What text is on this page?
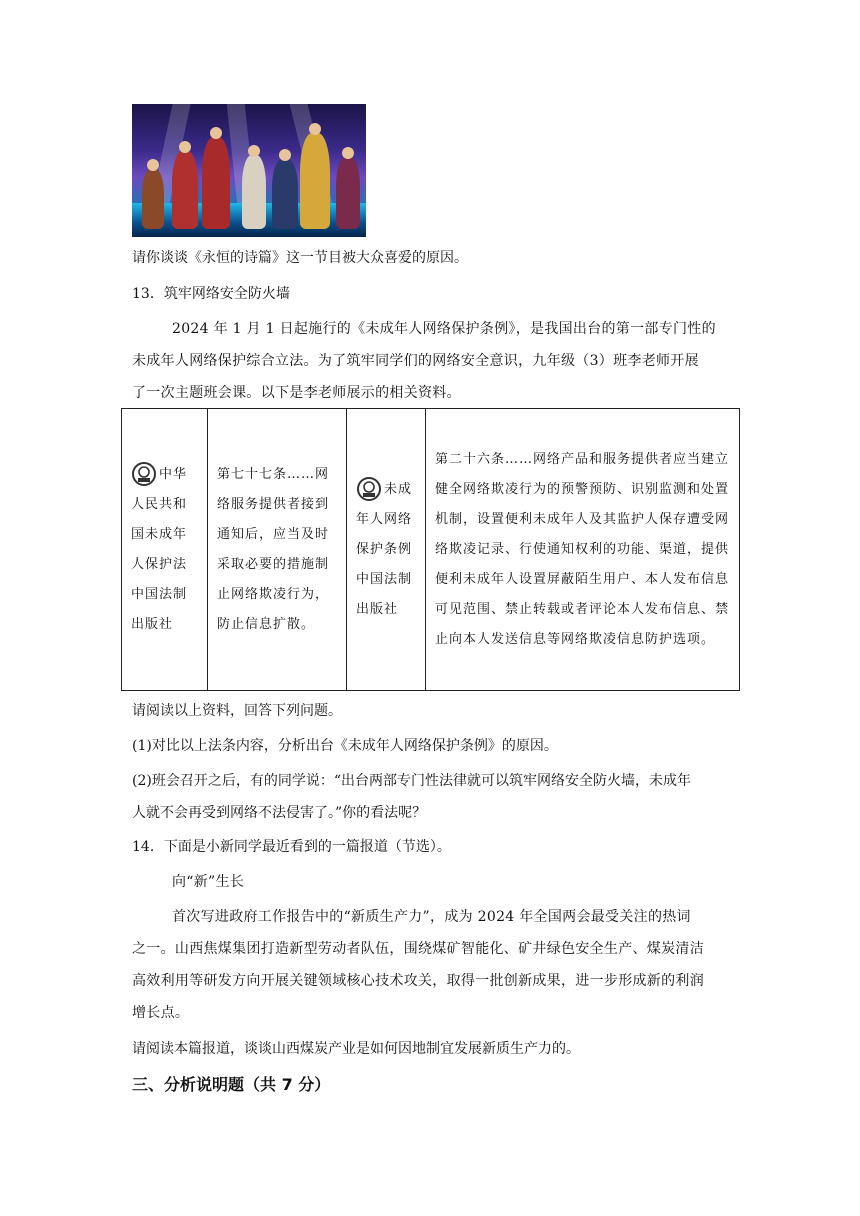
请你谈谈《永恒的诗篇》这一节目被大众喜爱的原因。
13．筑牢网络安全防火墙
2024 年 1 月 1 日起施行的《未成年人网络保护条例》，是我国出台的第一部专门性的
未成年人网络保护综合立法。为了筑牢同学们的网络安全意识，九年级（3）班李老师开展
了一次主题班会课。以下是李老师展示的相关资料。
中华人民共和国未成年人保护法中国法制出版社	第七十七条……网络服务提供者接到通知后，应当及时采取必要的措施制止网络欺凌行为，防止信息扩散。	未成年人网络保护条例中国法制出版社	第二十六条……网络产品和服务提供者应当建立健全网络欺凌行为的预警预防、识别监测和处置机制，设置便利未成年人及其监护人保存遭受网络欺凌记录、行使通知权利的功能、渠道，提供便利未成年人设置屏蔽陌生用户、本人发布信息可见范围、禁止转载或者评论本人发布信息、禁止向本人发送信息等网络欺凌信息防护选项。
请阅读以上资料，回答下列问题。
(1)对比以上法条内容，分析出台《未成年人网络保护条例》的原因。
(2)班会召开之后，有的同学说：“出台两部专门性法律就可以筑牢网络安全防火墙，未成年
人就不会再受到网络不法侵害了。”你的看法呢？
14．下面是小新同学最近看到的一篇报道（节选）。
向“新”生长
首次写进政府工作报告中的“新质生产力”，成为 2024 年全国两会最受关注的热词
之一。山西焦煤集团打造新型劳动者队伍，围绕煤矿智能化、矿井绿色安全生产、煤炭清洁
高效利用等研发方向开展关键领域核心技术攻关，取得一批创新成果，进一步形成新的利润
增长点。
请阅读本篇报道，谈谈山西煤炭产业是如何因地制宜发展新质生产力的。
三、分析说明题（共 7 分）
